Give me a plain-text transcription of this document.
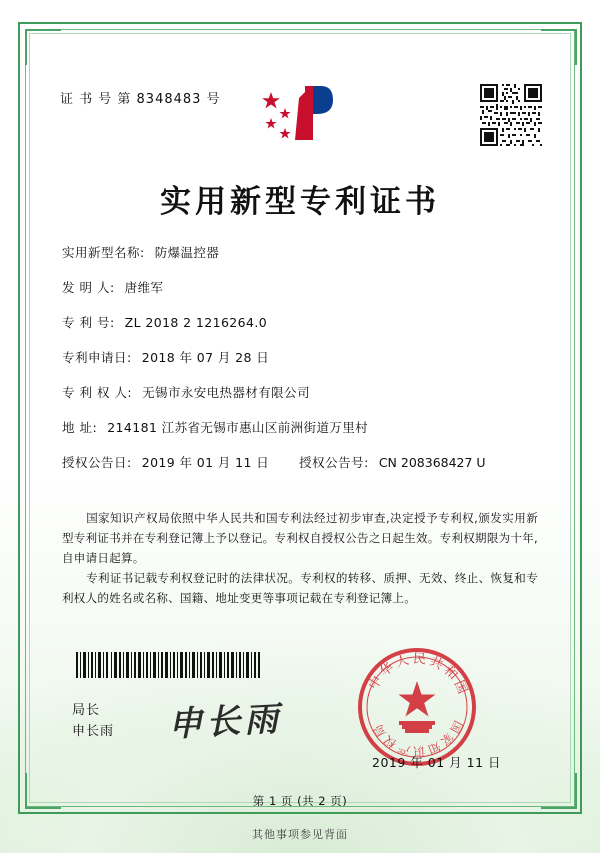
证 书 号 第 8348483 号
实用新型专利证书
实用新型名称: 防爆温控器
发 明 人: 唐维军
专 利 号: ZL 2018 2 1216264.0
专利申请日: 2018 年 07 月 28 日
专 利 权 人: 无锡市永安电热器材有限公司
地 址: 214181 江苏省无锡市惠山区前洲街道万里村
授权公告日: 2019 年 01 月 11 日 授权公告号: CN 208368427 U
国家知识产权局依照中华人民共和国专利法经过初步审查,决定授予专利权,颁发实用新型专利证书并在专利登记簿上予以登记。专利权自授权公告之日起生效。专利权期限为十年,自申请日起算。
专利证书记载专利权登记时的法律状况。专利权的转移、质押、无效、终止、恢复和专利权人的姓名或名称、国籍、地址变更等事项记载在专利登记簿上。
局长
申长雨 申长雨
中华人民共和国
国家知识产权局
2019 年 01 月 11 日
第 1 页 (共 2 页)
其他事项参见背面
